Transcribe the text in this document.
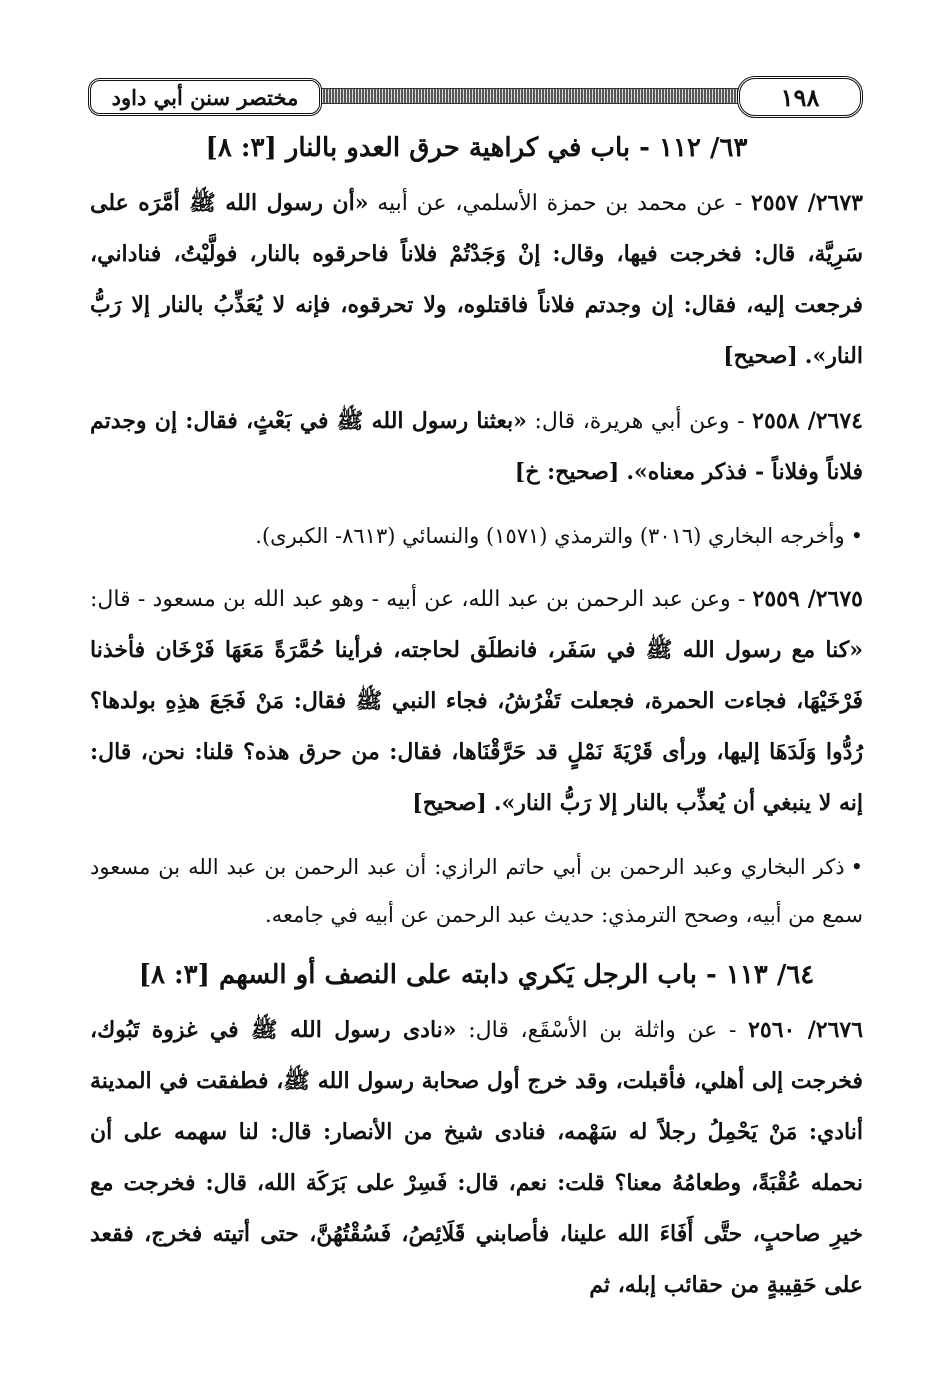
مختصر سنن أبي داود	١٩٨
٦٣/ ١١٢ - باب في كراهية حرق العدو بالنار [٣: ٨]

٢٦٧٣/ ٢٥٥٧ - عن محمد بن حمزة الأسلمي، عن أبيه «أن رسول الله ﷺ أمَّرَه على سَرِيَّة، قال: فخرجت فيها، وقال: إنْ وَجَدْتُمْ فلاناً فاحرقوه بالنار، فولَّيْتُ، فناداني، فرجعت إليه، فقال: إن وجدتم فلاناً فاقتلوه، ولا تحرقوه، فإنه لا يُعَذِّبُ بالنار إلا رَبُّ النار». [صحيح]

٢٦٧٤/ ٢٥٥٨ - وعن أبي هريرة، قال: «بعثنا رسول الله ﷺ في بَعْثٍ، فقال: إن وجدتم فلاناً وفلاناً - فذكر معناه». [صحيح: خ]

•وأخرجه البخاري (٣٠١٦) والترمذي (١٥٧١) والنسائي (٨٦١٣- الكبرى).

٢٦٧٥/ ٢٥٥٩ - وعن عبد الرحمن بن عبد الله، عن أبيه - وهو عبد الله بن مسعود - قال: «كنا مع رسول الله ﷺ في سَفَر، فانطلَق لحاجته، فرأينا حُمَّرَةً مَعَهَا فَرْخَان فأخذنا فَرْخَيْهَا، فجاءت الحمرة، فجعلت تَفْرُشُ، فجاء النبي ﷺ فقال: مَنْ فَجَعَ هذِهِ بولدها؟ رُدُّوا وَلَدَهَا إليها، ورأى قَرْيَةَ نَمْلٍ قد حَرَّقْنَاها، فقال: من حرق هذه؟ قلنا: نحن، قال: إنه لا ينبغي أن يُعذِّب بالنار إلا رَبُّ النار». [صحيح]

•ذكر البخاري وعبد الرحمن بن أبي حاتم الرازي: أن عبد الرحمن بن عبد الله بن مسعود سمع من أبيه، وصحح الترمذي: حديث عبد الرحمن عن أبيه في جامعه.

٦٤/ ١١٣ - باب الرجل يَكري دابته على النصف أو السهم [٣: ٨]

٢٦٧٦/ ٢٥٦٠ - عن واثلة بن الأسْقَع، قال: «نادى رسول الله ﷺ في غزوة تَبُوك، فخرجت إلى أهلي، فأقبلت، وقد خرج أول صحابة رسول الله ﷺ، فطفقت في المدينة أنادي: مَنْ يَحْمِلُ رجلاً له سَهْمه، فنادى شيخ من الأنصار: قال: لنا سهمه على أن نحمله عُقْبَةً، وطعامُهُ معنا؟ قلت: نعم، قال: فَسِرْ على بَرَكَة الله، قال: فخرجت مع خيرِ صاحبٍ، حتَّى أَفَاءَ الله علينا، فأصابني قَلَائِصُ، فَسُقْتُهُنَّ، حتى أتيته فخرج، فقعد على حَقِيبةٍ من حقائب إبله، ثم
